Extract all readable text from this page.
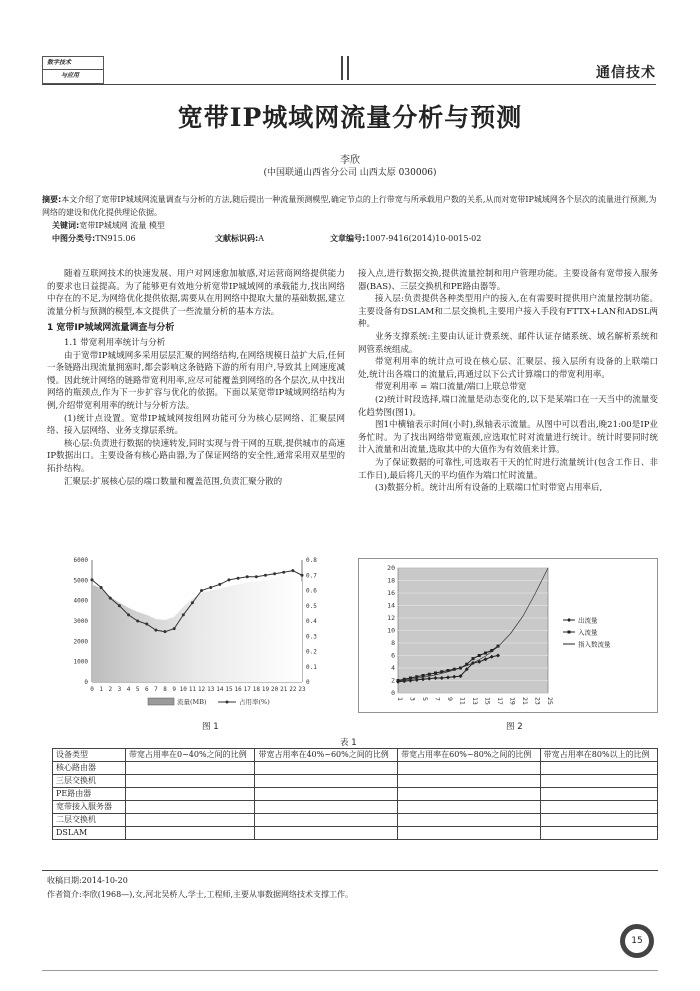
数字技术
与应用	通信技术
宽带IP城域网流量分析与预测
李欣
(中国联通山西省分公司 山西太原 030006)
摘要:本文介绍了宽带IP城域网流量调查与分析的方法,随后提出一种流量预测模型,确定节点的上行带宽与所承载用户数的关系,从而对宽带IP城域网各个层次的流量进行预测,为网络的建设和优化提供理论依据。
关键词:宽带IP城域网 流量 模型
中图分类号:TN915.06	文献标识码:A	文章编号:1007-9416(2014)10-0015-02

随着互联网技术的快速发展、用户对网速愈加敏感,对运营商网络提供能力的要求也日益提高。为了能够更有效地分析宽带IP城域网的承载能力,找出网络中存在的不足,为网络优化提供依据,需要从在用网络中提取大量的基础数据,建立流量分析与预测的模型,本文提供了一些流量分析的基本方法。

1 宽带IP城域网流量调查与分析

1.1 带宽利用率统计与分析

由于宽带IP城域网多采用层层汇聚的网络结构,在网络规模日益扩大后,任何一条链路出现流量拥塞时,都会影响这条链路下游的所有用户,导致其上网速度减慢。因此统计网络的链路带宽利用率,应尽可能覆盖到网络的各个层次,从中找出网络的瓶颈点,作为下一步扩容与优化的依据。下面以某宽带IP城域网络结构为例,介绍带宽利用率的统计与分析方法。

(1)统计点设置。宽带IP城域网按组网功能可分为核心层网络、汇聚层网络、接入层网络、业务支撑层系统。

核心层:负责进行数据的快速转发,同时实现与骨干网的互联,提供城市的高速IP数据出口。主要设备有核心路由器,为了保证网络的安全性,通常采用双星型的拓扑结构。

汇聚层:扩展核心层的端口数量和覆盖范围,负责汇聚分散的

接入点,进行数据交换,提供流量控制和用户管理功能。主要设备有宽带接入服务器(BAS)、三层交换机和PE路由器等。

接入层:负责提供各种类型用户的接入,在有需要时提供用户流量控制功能。主要设备有DSLAM和二层交换机,主要用户接入手段有FTTX+LAN和ADSL两种。

业务支撑系统:主要由认证计费系统、邮件认证存储系统、域名解析系统和网管系统组成。

带宽利用率的统计点可设在核心层、汇聚层、接入层所有设备的上联端口处,统计出各端口的流量后,再通过以下公式计算端口的带宽利用率。

带宽利用率 = 端口流量/端口上联总带宽

(2)统计时段选择,端口流量是动态变化的,以下是某端口在一天当中的流量变化趋势图(图1)。

图1中横轴表示时间(小时),纵轴表示流量。从图中可以看出,晚21:00是IP业务忙时。为了找出网络带宽瓶颈,应选取忙时对流量进行统计。统计时要同时统计入流量和出流量,选取其中的大值作为有效值来计算。

为了保证数据的可靠性,可选取若干天的忙时进行流量统计(包含工作日、非工作日),最后将几天的平均值作为端口忙时流量。

(3)数据分析。统计出所有设备的上联端口忙时带宽占用率后,

0
1000
2000
3000
4000
5000
6000
0
0.1
0.2
0.3
0.4
0.5
0.6
0.7
0.8
0 1 2 3 4 5 6 7 8 9 10 11 12 13 14 15 16 17 18 19 20 21 22 23
流量(MB)	占用率(%)
图 1
0
2
4
6
8
10
12
14
16
18
20
1 3 5 7 9 11 13 15 17 19 21 23 25
出流量
入流量
指入数流量
图 2
表 1
设备类型	带宽占用率在0~40%之间的比例	带宽占用率在40%~60%之间的比例	带宽占用率在60%~80%之间的比例	带宽占用率在80%以上的比例
核心路由器				
三层交换机				
PE路由器				
宽带接入服务器				
二层交换机				
DSLAM				
收稿日期:2014-10-20
作者简介:李欣(1968—),女,河北吴桥人,学士,工程师,主要从事数据网络技术支撑工作。
15
